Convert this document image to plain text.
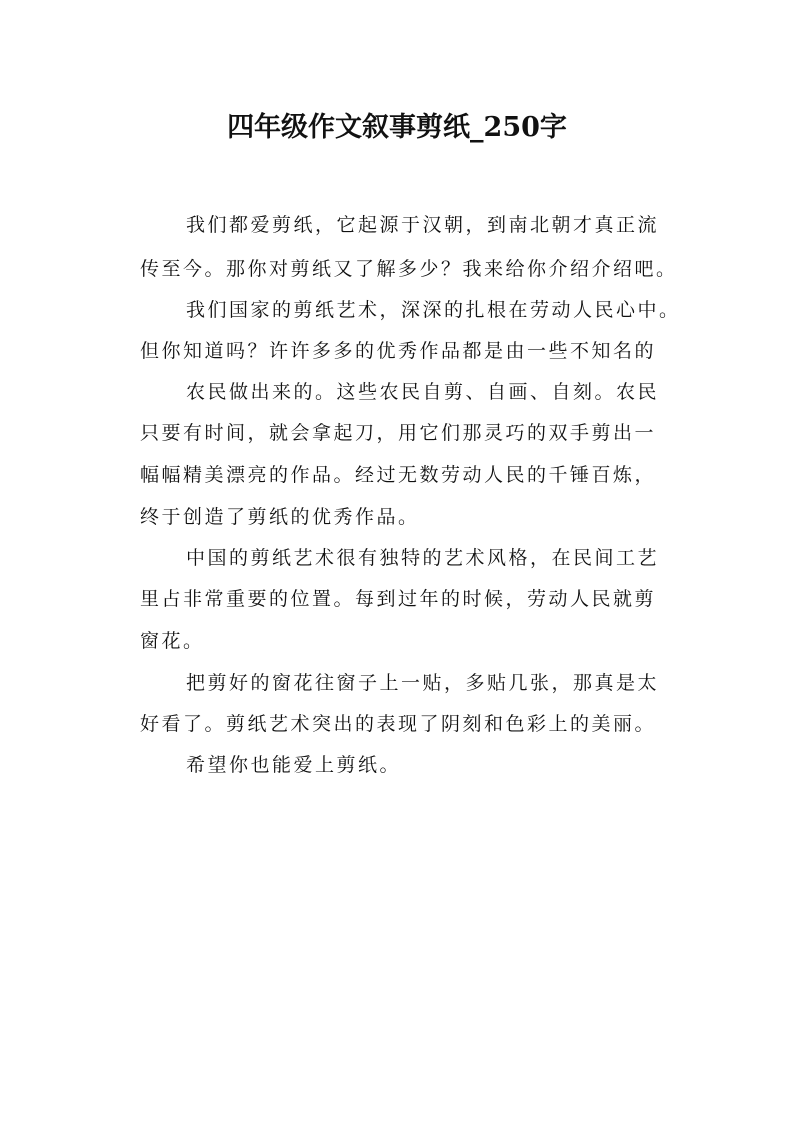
四年级作文叙事剪纸_250字
我们都爱剪纸，它起源于汉朝，到南北朝才真正流
传至今。那你对剪纸又了解多少？我来给你介绍介绍吧。
我们国家的剪纸艺术，深深的扎根在劳动人民心中。
但你知道吗？许许多多的优秀作品都是由一些不知名的
农民做出来的。这些农民自剪、自画、自刻。农民
只要有时间，就会拿起刀，用它们那灵巧的双手剪出一
幅幅精美漂亮的作品。经过无数劳动人民的千锤百炼，
终于创造了剪纸的优秀作品。
中国的剪纸艺术很有独特的艺术风格，在民间工艺
里占非常重要的位置。每到过年的时候，劳动人民就剪
窗花。
把剪好的窗花往窗子上一贴，多贴几张，那真是太
好看了。剪纸艺术突出的表现了阴刻和色彩上的美丽。
希望你也能爱上剪纸。
